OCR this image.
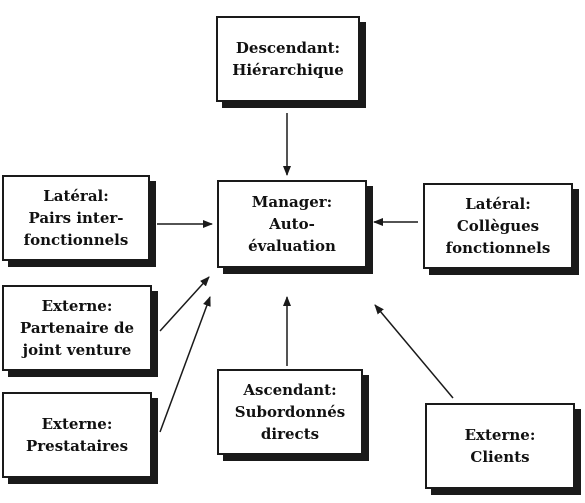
Descendant:
Hiérarchique
Manager:
Auto-
évaluation
Latéral:
Pairs inter-
fonctionnels
Latéral:
Collègues
fonctionnels
Externe:
Partenaire de
joint venture
Externe:
Prestataires
Ascendant:
Subordonnés
directs	Externe:
Clients
